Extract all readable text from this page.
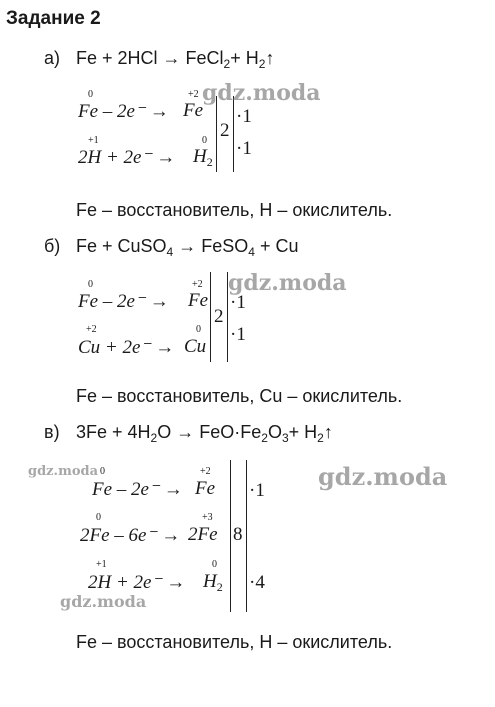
Задание 2
а) Fe + 2HCl → FeCl$_2$+ $H_2↑$
0
Fe – 2e⁻ →
+2
Fe
+1
2H + 2e⁻ →
0
$H_2$
2
·1
·1
gdz.moda
Fe – восстановитель, H – окислитель.
б) Fe + CuSO$_4$ → FeSO$_4$ + Cu
0
Fe – 2e⁻ →
+2
Fe
+2
Cu + 2e⁻ →
0
Cu
2
·1
·1
gdz.moda
Fe – восстановитель, Cu – окислитель.
в) $3Fe + 4H_2O \to FeO\cdot Fe_2O_3+$ $H_2↑$
gdz.moda 0
Fe – 2e⁻ →
+2
Fe
0
2Fe – 6e⁻ →
+3
2Fe
+1
2H + 2e⁻ →
0
$H_2$
8
·1
·4
gdz.moda
gdz.moda
Fe – восстановитель, H – окислитель.
